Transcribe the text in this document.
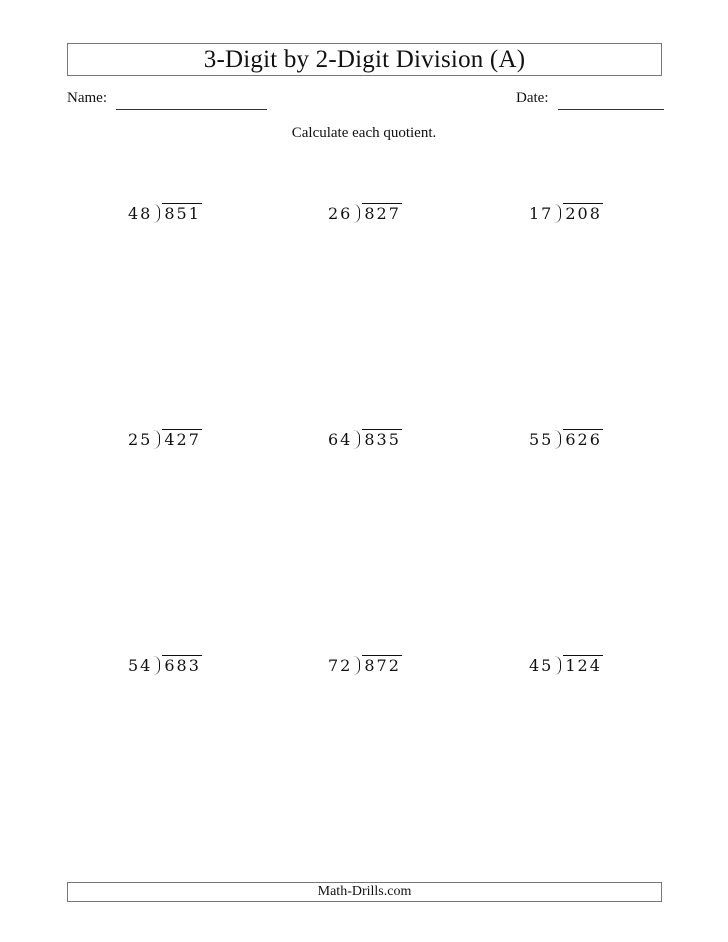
3-Digit by 2-Digit Division (A)
Name:	Date:
Calculate each quotient.
48 851	26 827	17 208
25 427	64 835	55 626
54 683	72 872	45 124
Math-Drills.com
